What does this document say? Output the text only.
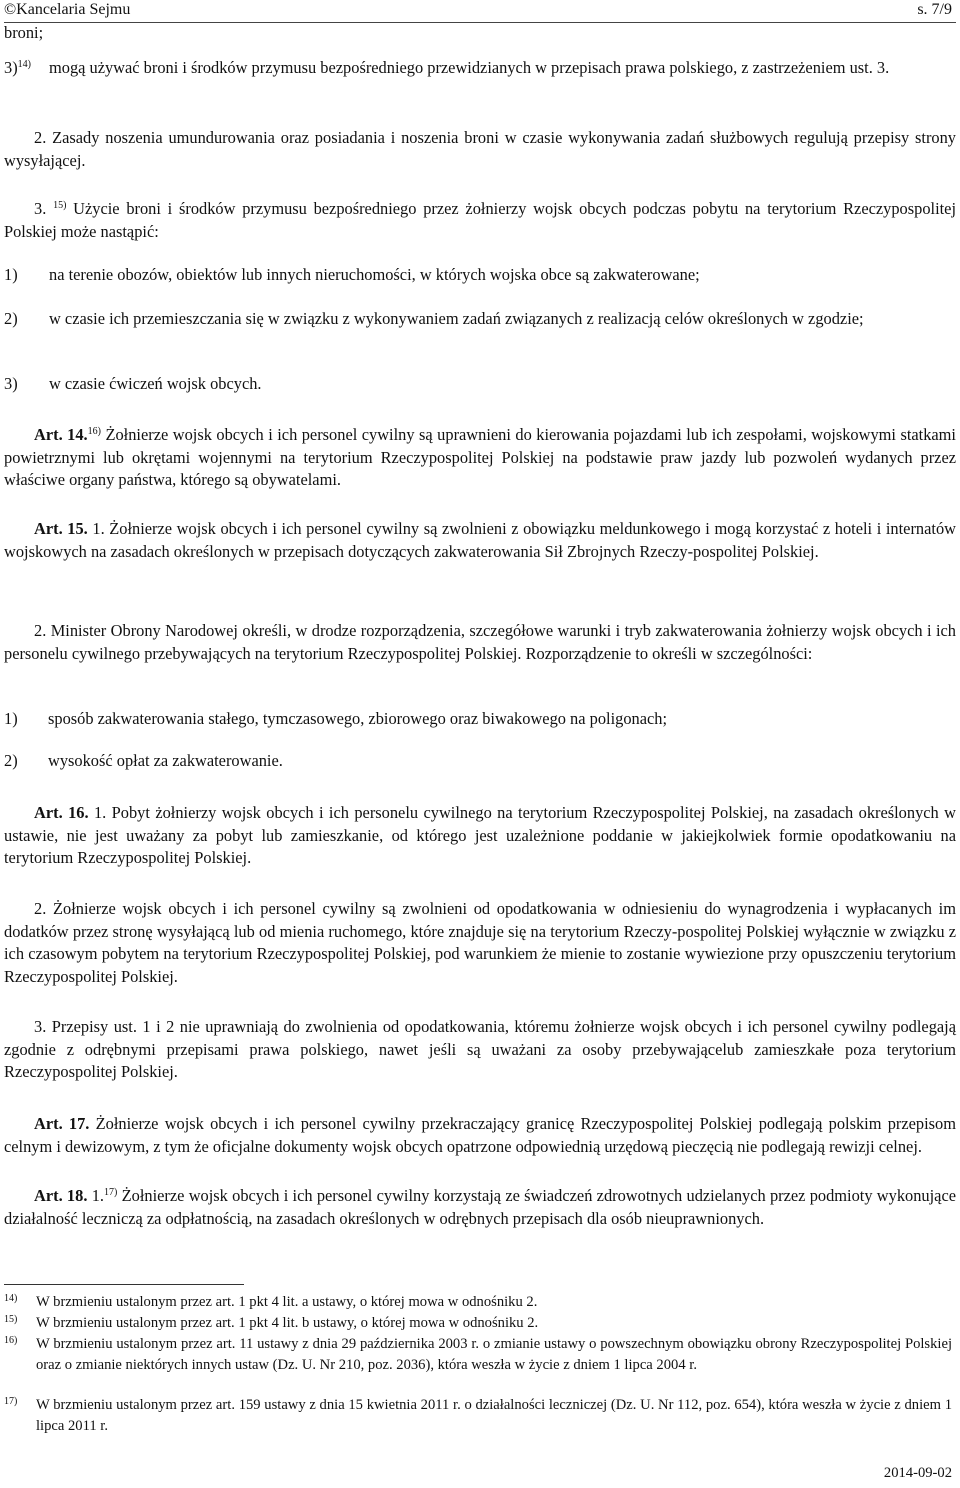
©Kancelaria Sejmu	s. 7/9

broni;

3)$^{14)}$	mogą używać broni i środków przymusu bezpośredniego przewidzianych w przepisach prawa polskiego, z zastrzeżeniem ust. 3.

2. Zasady noszenia umundurowania oraz posiadania i noszenia broni w czasie wykonywania zadań służbowych regulują przepisy strony wysyłającej.

3. $^{15)}$ Użycie broni i środków przymusu bezpośredniego przez żołnierzy wojsk obcych podczas pobytu na terytorium Rzeczypospolitej Polskiej może nastąpić:

1)	na terenie obozów, obiektów lub innych nieruchomości, w których wojska obce są zakwaterowane;
2)	w czasie ich przemieszczania się w związku z wykonywaniem zadań związanych z realizacją celów określonych w zgodzie;
3)	w czasie ćwiczeń wojsk obcych.

Art. 14.$^{16)}$ Żołnierze wojsk obcych i ich personel cywilny są uprawnieni do kierowania pojazdami lub ich zespołami, wojskowymi statkami powietrznymi lub okrętami wojennymi na terytorium Rzeczypospolitej Polskiej na podstawie praw jazdy lub pozwoleń wydanych przez właściwe organy państwa, którego są obywatelami.

Art. 15. 1. Żołnierze wojsk obcych i ich personel cywilny są zwolnieni z obowiązku meldunkowego i mogą korzystać z hoteli i internatów wojskowych na zasadach określonych w przepisach dotyczących zakwaterowania Sił Zbrojnych Rzeczy-pospolitej Polskiej.

2. Minister Obrony Narodowej określi, w drodze rozporządzenia, szczegółowe warunki i tryb zakwaterowania żołnierzy wojsk obcych i ich personelu cywilnego przebywających na terytorium Rzeczypospolitej Polskiej. Rozporządzenie to określi w szczególności:

1)	sposób zakwaterowania stałego, tymczasowego, zbiorowego oraz biwakowego na poligonach;
2)	wysokość opłat za zakwaterowanie.

Art. 16. 1. Pobyt żołnierzy wojsk obcych i ich personelu cywilnego na terytorium Rzeczypospolitej Polskiej, na zasadach określonych w ustawie, nie jest uważany za pobyt lub zamieszkanie, od którego jest uzależnione poddanie w jakiejkolwiek formie opodatkowaniu na terytorium Rzeczypospolitej Polskiej.

2. Żołnierze wojsk obcych i ich personel cywilny są zwolnieni od opodatkowania w odniesieniu do wynagrodzenia i wypłacanych im dodatków przez stronę wysyłającą lub od mienia ruchomego, które znajduje się na terytorium Rzeczy-pospolitej Polskiej wyłącznie w związku z ich czasowym pobytem na terytorium Rzeczypospolitej Polskiej, pod warunkiem że mienie to zostanie wywiezione przy opuszczeniu terytorium Rzeczypospolitej Polskiej.

3. Przepisy ust. 1 i 2 nie uprawniają do zwolnienia od opodatkowania, któremu żołnierze wojsk obcych i ich personel cywilny podlegają zgodnie z odrębnymi przepisami prawa polskiego, nawet jeśli są uważani za osoby przebywającelub zamieszkałe poza terytorium Rzeczypospolitej Polskiej.

Art. 17. Żołnierze wojsk obcych i ich personel cywilny przekraczający granicę Rzeczypospolitej Polskiej podlegają polskim przepisom celnym i dewizowym, z tym że oficjalne dokumenty wojsk obcych opatrzone odpowiednią urzędową pieczęcią nie podlegają rewizji celnej.

Art. 18. 1.$^{17)}$ Żołnierze wojsk obcych i ich personel cywilny korzystają ze świadczeń zdrowotnych udzielanych przez podmioty wykonujące działalność leczniczą za odpłatnością, na zasadach określonych w odrębnych przepisach dla osób nieuprawnionych.

14)	W brzmieniu ustalonym przez art. 1 pkt 4 lit. a ustawy, o której mowa w odnośniku 2.
15)	W brzmieniu ustalonym przez art. 1 pkt 4 lit. b ustawy, o której mowa w odnośniku 2.
16)	W brzmieniu ustalonym przez art. 11 ustawy z dnia 29 października 2003 r. o zmianie ustawy o powszechnym obowiązku obrony Rzeczypospolitej Polskiej oraz o zmianie niektórych innych ustaw (Dz. U. Nr 210, poz. 2036), która weszła w życie z dniem 1 lipca 2004 r.
17)	W brzmieniu ustalonym przez art. 159 ustawy z dnia 15 kwietnia 2011 r. o działalności leczniczej (Dz. U. Nr 112, poz. 654), która weszła w życie z dniem 1 lipca 2011 r.
2014-09-02
